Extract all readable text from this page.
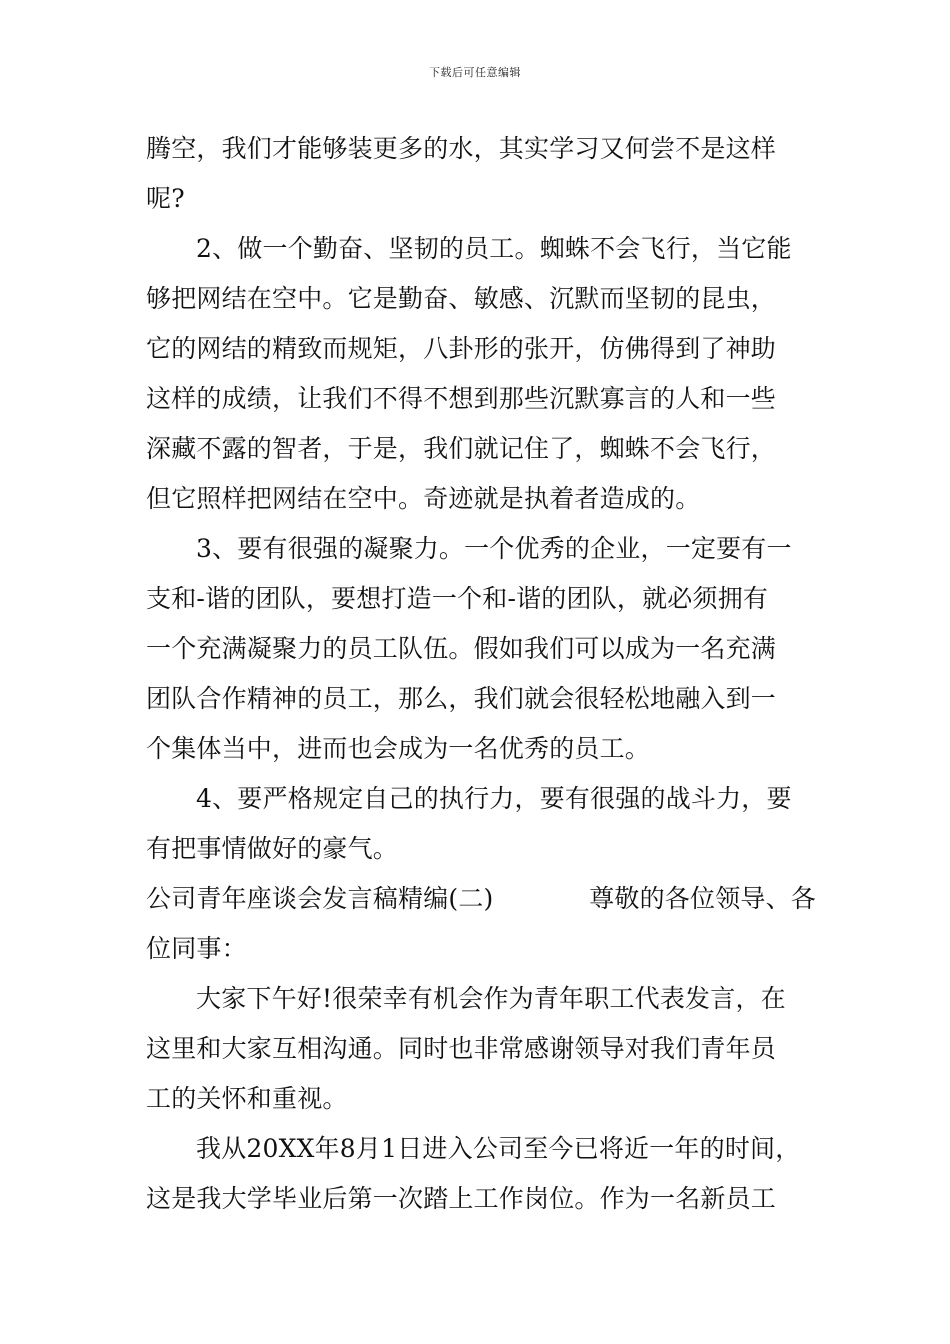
下载后可任意编辑
腾空，我们才能够装更多的水，其实学习又何尝不是这样
呢?
2、做一个勤奋、坚韧的员工。蜘蛛不会飞行，当它能
够把网结在空中。它是勤奋、敏感、沉默而坚韧的昆虫，
它的网结的精致而规矩，八卦形的张开，仿佛得到了神助
这样的成绩，让我们不得不想到那些沉默寡言的人和一些
深藏不露的智者，于是，我们就记住了，蜘蛛不会飞行，
但它照样把网结在空中。奇迹就是执着者造成的。
3、要有很强的凝聚力。一个优秀的企业，一定要有一
支和-谐的团队，要想打造一个和-谐的团队，就必须拥有
一个充满凝聚力的员工队伍。假如我们可以成为一名充满
团队合作精神的员工，那么，我们就会很轻松地融入到一
个集体当中，进而也会成为一名优秀的员工。
4、要严格规定自己的执行力，要有很强的战斗力，要
有把事情做好的豪气。
公司青年座谈会发言稿精编(二)	尊敬的各位领导、各
位同事：
大家下午好!很荣幸有机会作为青年职工代表发言，在
这里和大家互相沟通。同时也非常感谢领导对我们青年员
工的关怀和重视。
我从20XX年8月1日进入公司至今已将近一年的时间，
这是我大学毕业后第一次踏上工作岗位。作为一名新员工
